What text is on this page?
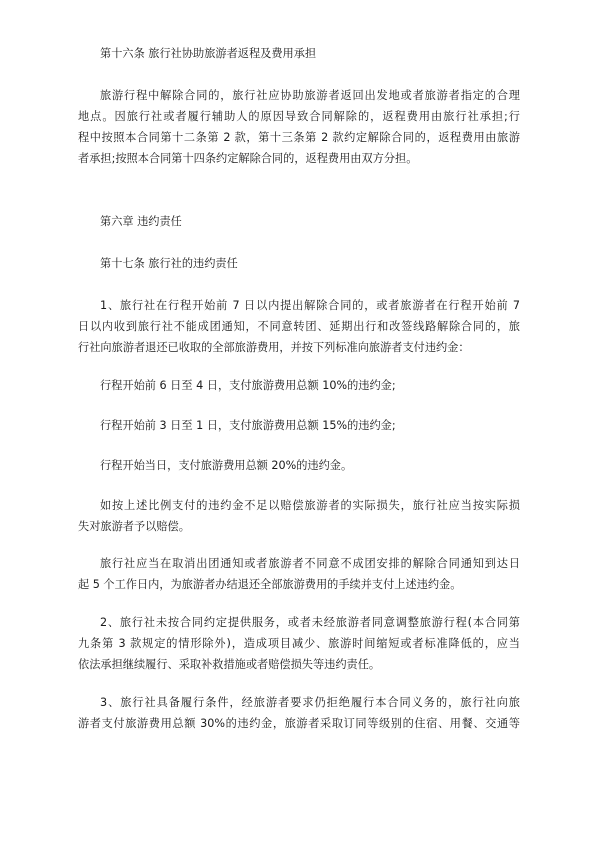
第十六条 旅行社协助旅游者返程及费用承担

旅游行程中解除合同的，旅行社应协助旅游者返回出发地或者旅游者指定的合理
地点。因旅行社或者履行辅助人的原因导致合同解除的，返程费用由旅行社承担;行
程中按照本合同第十二条第 2 款，第十三条第 2 款约定解除合同的，返程费用由旅游
者承担;按照本合同第十四条约定解除合同的，返程费用由双方分担。

第六章 违约责任

第十七条 旅行社的违约责任

1、旅行社在行程开始前 7 日以内提出解除合同的，或者旅游者在行程开始前 7
日以内收到旅行社不能成团通知，不同意转团、延期出行和改签线路解除合同的，旅
行社向旅游者退还已收取的全部旅游费用，并按下列标准向旅游者支付违约金：

行程开始前 6 日至 4 日，支付旅游费用总额 10%的违约金;

行程开始前 3 日至 1 日，支付旅游费用总额 15%的违约金;

行程开始当日，支付旅游费用总额 20%的违约金。

如按上述比例支付的违约金不足以赔偿旅游者的实际损失，旅行社应当按实际损
失对旅游者予以赔偿。

旅行社应当在取消出团通知或者旅游者不同意不成团安排的解除合同通知到达日
起 5 个工作日内，为旅游者办结退还全部旅游费用的手续并支付上述违约金。

2、旅行社未按合同约定提供服务，或者未经旅游者同意调整旅游行程(本合同第
九条第 3 款规定的情形除外)，造成项目减少、旅游时间缩短或者标准降低的，应当
依法承担继续履行、采取补救措施或者赔偿损失等违约责任。

3、旅行社具备履行条件，经旅游者要求仍拒绝履行本合同义务的，旅行社向旅
游者支付旅游费用总额 30%的违约金，旅游者采取订同等级别的住宿、用餐、交通等
